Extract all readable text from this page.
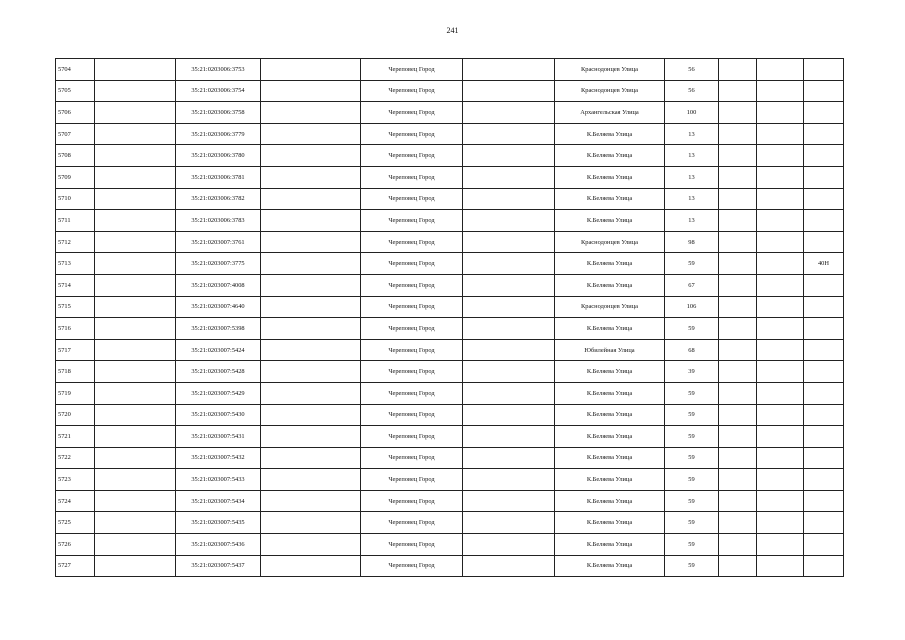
241
5704		35:21:0203006:3753		Череповец Город		Краснодонцев Улица	56			
5705		35:21:0203006:3754		Череповец Город		Краснодонцев Улица	56			
5706		35:21:0203006:3758		Череповец Город		Архангельская Улица	100			
5707		35:21:0203006:3779		Череповец Город		К.Беляева Улица	13			
5708		35:21:0203006:3780		Череповец Город		К.Беляева Улица	13			
5709		35:21:0203006:3781		Череповец Город		К.Беляева Улица	13			
5710		35:21:0203006:3782		Череповец Город		К.Беляева Улица	13			
5711		35:21:0203006:3783		Череповец Город		К.Беляева Улица	13			
5712		35:21:0203007:3761		Череповец Город		Краснодонцев Улица	98			
5713		35:21:0203007:3775		Череповец Город		К.Беляева Улица	59			40Н
5714		35:21:0203007:4008		Череповец Город		К.Беляева Улица	67			
5715		35:21:0203007:4640		Череповец Город		Краснодонцев Улица	106			
5716		35:21:0203007:5398		Череповец Город		К.Беляева Улица	59			
5717		35:21:0203007:5424		Череповец Город		Юбилейная Улица	68			
5718		35:21:0203007:5428		Череповец Город		К.Беляева Улица	39			
5719		35:21:0203007:5429		Череповец Город		К.Беляева Улица	59			
5720		35:21:0203007:5430		Череповец Город		К.Беляева Улица	59			
5721		35:21:0203007:5431		Череповец Город		К.Беляева Улица	59			
5722		35:21:0203007:5432		Череповец Город		К.Беляева Улица	59			
5723		35:21:0203007:5433		Череповец Город		К.Беляева Улица	59			
5724		35:21:0203007:5434		Череповец Город		К.Беляева Улица	59			
5725		35:21:0203007:5435		Череповец Город		К.Беляева Улица	59			
5726		35:21:0203007:5436		Череповец Город		К.Беляева Улица	59			
5727		35:21:0203007:5437		Череповец Город		К.Беляева Улица	59			
